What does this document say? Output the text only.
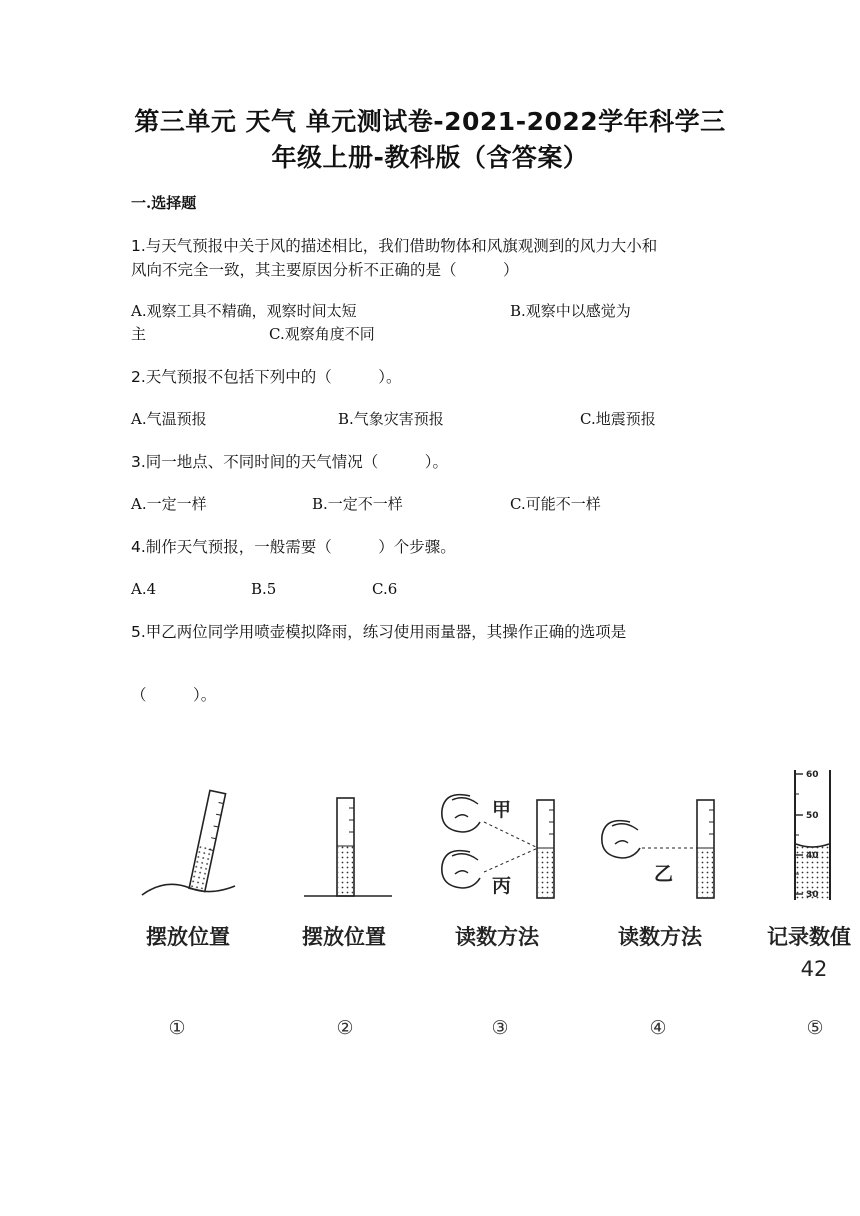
第三单元 天气 单元测试卷-2021-2022学年科学三
年级上册-教科版（含答案）
一.选择题
1.与天气预报中关于风的描述相比，我们借助物体和风旗观测到的风力大小和
风向不完全一致，其主要原因分析不正确的是（　　　）
A.观察工具不精确，观察时间太短	B.观察中以感觉为
主	C.观察角度不同
2.天气预报不包括下列中的（　　　）。
A.气温预报	B.气象灾害预报	C.地震预报
3.同一地点、不同时间的天气情况（　　　）。
A.一定一样	B.一定不一样	C.可能不一样
4.制作天气预报，一般需要（　　　）个步骤。
A.4	B.5	C.6
5.甲乙两位同学用喷壶模拟降雨，练习使用雨量器，其操作正确的选项是
（　　　）。
甲
丙
乙
60
50
40
30
摆放位置	摆放位置	读数方法	读数方法	记录数值
42
①	②	③	④	⑤
